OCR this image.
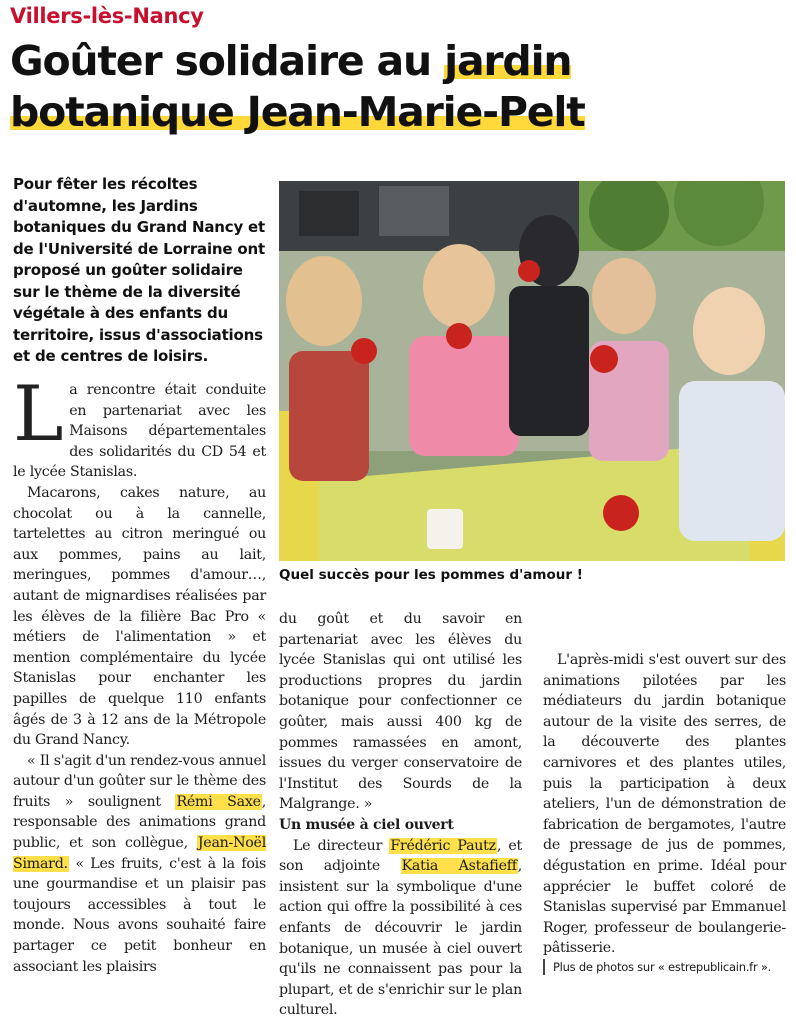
Villers-lès-Nancy
Goûter solidaire au jardin
botanique Jean-Marie-Pelt
Pour fêter les récoltes d'automne, les Jardins botaniques du Grand Nancy et de l'Université de Lorraine ont proposé un goûter solidaire sur le thème de la diversité végétale à des enfants du territoire, issus d'associations et de centres de loisirs.
Quel succès pour les pommes d'amour !

La rencontre était conduite en partenariat avec les Maisons départementales des solidarités du CD 54 et le lycée Stanislas.

Macarons, cakes nature, au chocolat ou à la cannelle, tartelettes au citron meringué ou aux pommes, pains au lait, meringues, pommes d'amour…, autant de mignardises réalisées par les élèves de la filière Bac Pro « métiers de l'alimentation » et mention complémentaire du lycée Stanislas pour enchanter les papilles de quelque 110 enfants âgés de 3 à 12 ans de la Métropole du Grand Nancy.

« Il s'agit d'un rendez-vous annuel autour d'un goûter sur le thème des fruits » soulignent Rémi Saxe, responsable des animations grand public, et son collègue, Jean-Noël Simard. « Les fruits, c'est à la fois une gourmandise et un plaisir pas toujours accessibles à tout le monde. Nous avons souhaité faire partager ce petit bonheur en associant les plaisirs

du goût et du savoir en partenariat avec les élèves du lycée Stanislas qui ont utilisé les productions propres du jardin botanique pour confectionner ce goûter, mais aussi 400 kg de pommes ramassées en amont, issues du verger conservatoire de l'Institut des Sourds de la Malgrange. »

Un musée à ciel ouvert

Le directeur Frédéric Pautz, et son adjointe Katia Astafieff, insistent sur la symbolique d'une action qui offre la possibilité à ces enfants de découvrir le jardin botanique, un musée à ciel ouvert qu'ils ne connaissent pas pour la plupart, et de s'enrichir sur le plan culturel.

L'après-midi s'est ouvert sur des animations pilotées par les médiateurs du jardin botanique autour de la visite des serres, de la découverte des plantes carnivores et des plantes utiles, puis la participation à deux ateliers, l'un de démonstration de fabrication de bergamotes, l'autre de pressage de jus de pommes, dégustation en prime. Idéal pour apprécier le buffet coloré de Stanislas supervisé par Emmanuel Roger, professeur de boulangerie-pâtisserie.

Plus de photos sur « estrepublicain.fr ».
